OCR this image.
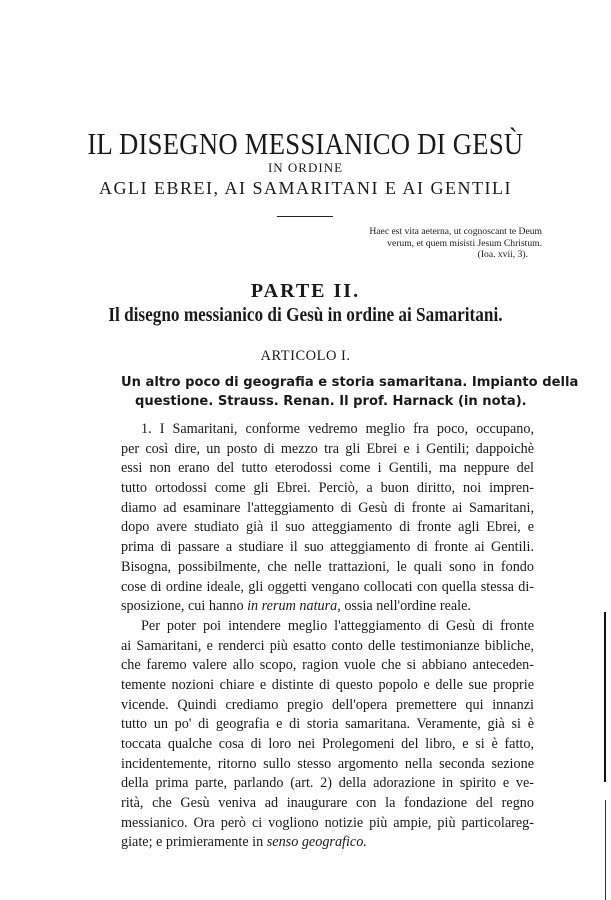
IL DISEGNO MESSIANICO DI GESÙ
IN ORDINE
AGLI EBREI, AI SAMARITANI E AI GENTILI
Haec est vita aeterna, ut cognoscant te Deum
verum, et quem misisti Jesum Christum.
(Ioa. xvii, 3).
PARTE II.
Il disegno messianico di Gesù in ordine ai Samaritani.
ARTICOLO I.
Un altro poco di geografia e storia samaritana. Impianto della
questione. Strauss. Renan. Il prof. Harnack (in nota).
1. I Samaritani, conforme vedremo meglio fra poco, occupano,
per così dire, un posto di mezzo tra gli Ebrei e i Gentili; dappoichè
essi non erano del tutto eterodossi come i Gentili, ma neppure del
tutto ortodossi come gli Ebrei. Perciò, a buon diritto, noi impren-
diamo ad esaminare l'atteggiamento di Gesù di fronte ai Samaritani,
dopo avere studiato già il suo atteggiamento di fronte agli Ebrei, e
prima di passare a studiare il suo atteggiamento di fronte ai Gentili.
Bisogna, possibilmente, che nelle trattazioni, le quali sono in fondo
cose di ordine ideale, gli oggetti vengano collocati con quella stessa di-
sposizione, cui hanno in rerum natura, ossia nell'ordine reale.
Per poter poi intendere meglio l'atteggiamento di Gesù di fronte
ai Samaritani, e renderci più esatto conto delle testimonianze bibliche,
che faremo valere allo scopo, ragion vuole che si abbiano anteceden-
temente nozioni chiare e distinte di questo popolo e delle sue proprie
vicende. Quindi crediamo pregio dell'opera premettere qui innanzi
tutto un po' di geografia e di storia samaritana. Veramente, già si è
toccata qualche cosa di loro nei Prolegomeni del libro, e si è fatto,
incidentemente, ritorno sullo stesso argomento nella seconda sezione
della prima parte, parlando (art. 2) della adorazione in spirito e ve-
rità, che Gesù veniva ad inaugurare con la fondazione del regno
messianico. Ora però ci vogliono notizie più ampie, più particolareg-
giate; e primieramente in senso geografico.
